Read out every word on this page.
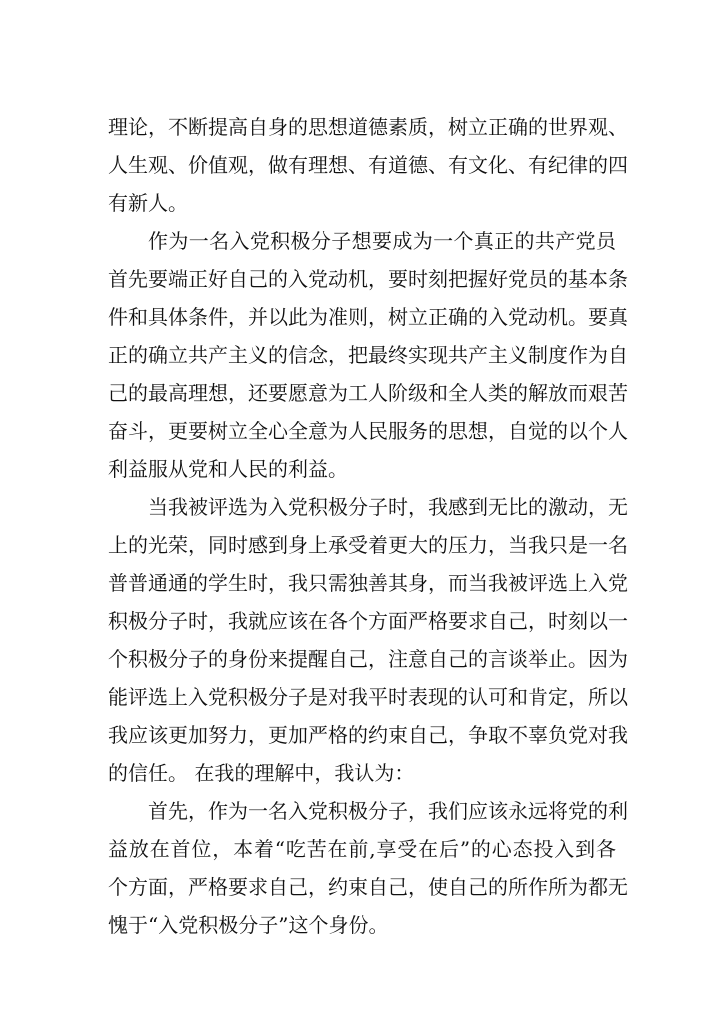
理论，不断提高自身的思想道德素质，树立正确的世界观、
人生观、价值观，做有理想、有道德、有文化、有纪律的四
有新人。
作为一名入党积极分子想要成为一个真正的共产党员
首先要端正好自己的入党动机，要时刻把握好党员的基本条
件和具体条件，并以此为准则，树立正确的入党动机。要真
正的确立共产主义的信念，把最终实现共产主义制度作为自
己的最高理想，还要愿意为工人阶级和全人类的解放而艰苦
奋斗，更要树立全心全意为人民服务的思想，自觉的以个人
利益服从党和人民的利益。
当我被评选为入党积极分子时，我感到无比的激动，无
上的光荣，同时感到身上承受着更大的压力，当我只是一名
普普通通的学生时，我只需独善其身，而当我被评选上入党
积极分子时，我就应该在各个方面严格要求自己，时刻以一
个积极分子的身份来提醒自己，注意自己的言谈举止。因为
能评选上入党积极分子是对我平时表现的认可和肯定，所以
我应该更加努力，更加严格的约束自己，争取不辜负党对我
的信任。 在我的理解中，我认为：
首先，作为一名入党积极分子，我们应该永远将党的利
益放在首位，本着“吃苦在前,享受在后”的心态投入到各
个方面，严格要求自己，约束自己，使自己的所作所为都无
愧于“入党积极分子”这个身份。
